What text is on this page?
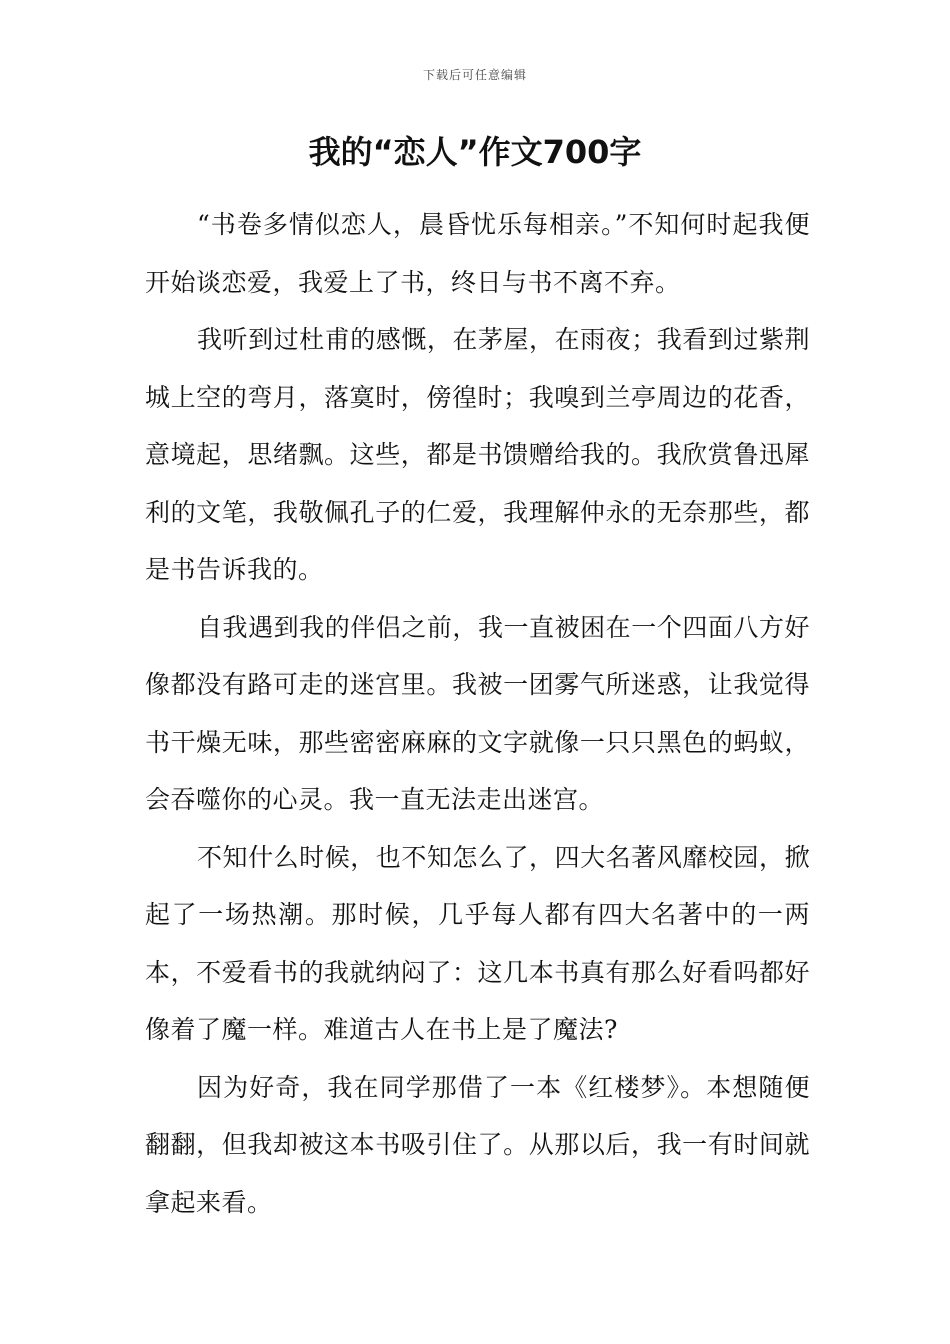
下载后可任意编辑
我的“恋人”作文700字

“书卷多情似恋人，晨昏忧乐每相亲。”不知何时起我便开始谈恋爱，我爱上了书，终日与书不离不弃。

我听到过杜甫的感慨，在茅屋，在雨夜；我看到过紫荆城上空的弯月，落寞时，傍徨时；我嗅到兰亭周边的花香，意境起，思绪飘。这些，都是书馈赠给我的。我欣赏鲁迅犀利的文笔，我敬佩孔子的仁爱，我理解仲永的无奈那些，都是书告诉我的。

自我遇到我的伴侣之前，我一直被困在一个四面八方好像都没有路可走的迷宫里。我被一团雾气所迷惑，让我觉得书干燥无味，那些密密麻麻的文字就像一只只黑色的蚂蚁，会吞噬你的心灵。我一直无法走出迷宫。

不知什么时候，也不知怎么了，四大名著风靡校园，掀起了一场热潮。那时候，几乎每人都有四大名著中的一两本，不爱看书的我就纳闷了：这几本书真有那么好看吗都好像着了魔一样。难道古人在书上是了魔法?

因为好奇，我在同学那借了一本《红楼梦》。本想随便翻翻，但我却被这本书吸引住了。从那以后，我一有时间就拿起来看。
